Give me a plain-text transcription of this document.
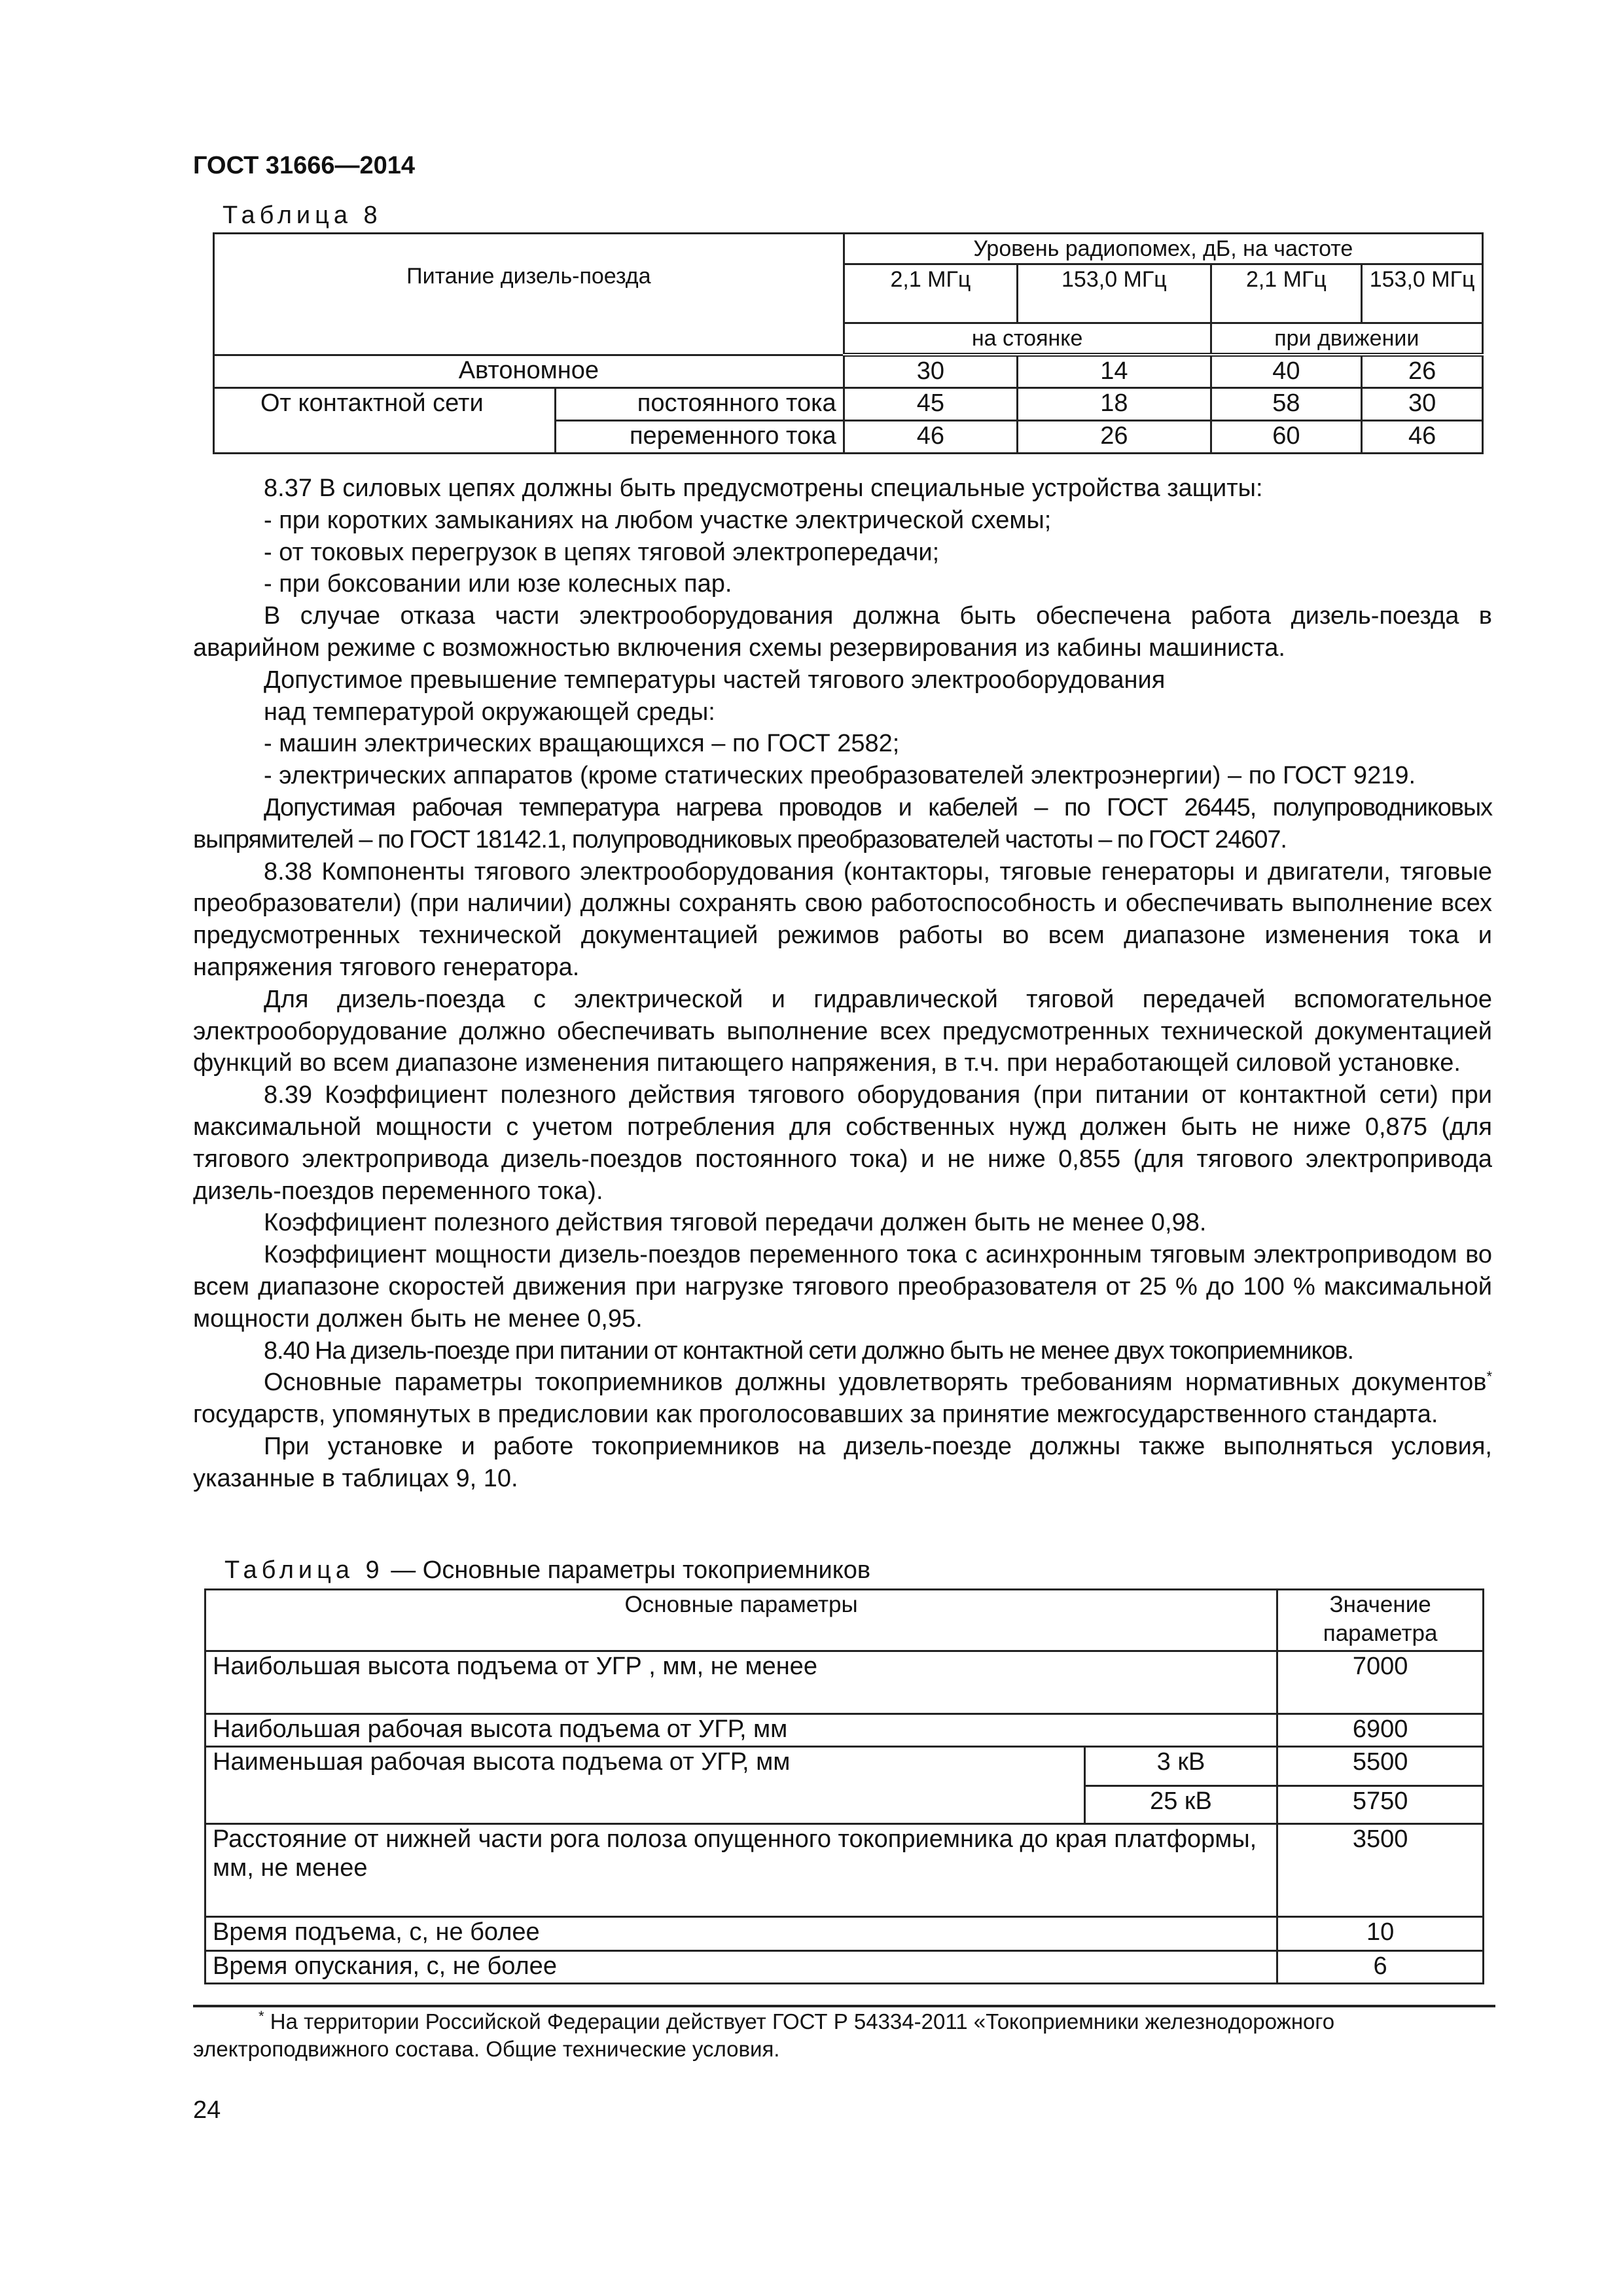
ГОСТ 31666—2014
Таблица 8
Питание дизель-поезда		Уровень радиопомех, дБ, на частоте			
		2,1 МГц	153,0 МГц	2,1 МГц	153,0 МГц
		на стоянке		при движении	
Автономное		30	14	40	26
От контактной сети	постоянного тока	45	18	58	30
	переменного тока	46	26	60	46

8.37 В силовых цепях должны быть предусмотрены специальные устройства защиты:

- при коротких замыканиях на любом участке электрической схемы;

- от токовых перегрузок в цепях тяговой электропередачи;

- при боксовании или юзе колесных пар.

В случае отказа части электрооборудования должна быть обеспечена работа дизель-поезда в аварийном режиме с возможностью включения схемы резервирования из кабины машиниста.

Допустимое превышение температуры частей тягового электрооборудования

над температурой окружающей среды:

- машин электрических вращающихся – по ГОСТ 2582;

- электрических аппаратов (кроме статических преобразователей электроэнергии) – по ГОСТ 9219.

Допустимая рабочая температура нагрева проводов и кабелей – по ГОСТ 26445, полупроводниковых выпрямителей – по ГОСТ 18142.1, полупроводниковых преобразователей частоты – по ГОСТ 24607.

8.38 Компоненты тягового электрооборудования (контакторы, тяговые генераторы и двигатели, тяговые преобразователи) (при наличии) должны сохранять свою работоспособность и обеспечивать выполнение всех предусмотренных технической документацией режимов работы во всем диапазоне изменения тока и напряжения тягового генератора.

Для дизель-поезда с электрической и гидравлической тяговой передачей вспомогательное электрооборудование должно обеспечивать выполнение всех предусмотренных технической документацией функций во всем диапазоне изменения питающего напряжения, в т.ч. при неработающей силовой установке.

8.39 Коэффициент полезного действия тягового оборудования (при питании от контактной сети) при максимальной мощности с учетом потребления для собственных нужд должен быть не ниже 0,875 (для тягового электропривода дизель-поездов постоянного тока) и не ниже 0,855 (для тягового электропривода дизель-поездов переменного тока).

Коэффициент полезного действия тяговой передачи должен быть не менее 0,98.

Коэффициент мощности дизель-поездов переменного тока с асинхронным тяговым электроприводом во всем диапазоне скоростей движения при нагрузке тягового преобразователя от 25 % до 100 % максимальной мощности должен быть не менее 0,95.

8.40 На дизель-поезде при питании от контактной сети должно быть не менее двух токоприемников.

Основные параметры токоприемников должны удовлетворять требованиям нормативных документов* государств, упомянутых в предисловии как проголосовавших за принятие межгосударственного стандарта.

При установке и работе токоприемников на дизель-поезде должны также выполняться условия, указанные в таблицах 9, 10.

Таблица 9 — Основные параметры токоприемников
Основные параметры		Значение параметра
Наибольшая высота подъема от УГР , мм, не менее		7000
Наибольшая рабочая высота подъема от УГР, мм		6900
Наименьшая рабочая высота подъема от УГР, мм	3 кВ	5500
	25 кВ	5750
Расстояние от нижней части рога полоза опущенного токоприемника до края платформы, мм, не менее		3500
Время подъема, с, не более		10
Время опускания, с, не более		6

* На территории Российской Федерации действует ГОСТ Р 54334-2011 «Токоприемники железнодорожного электроподвижного состава. Общие технические условия.

24
